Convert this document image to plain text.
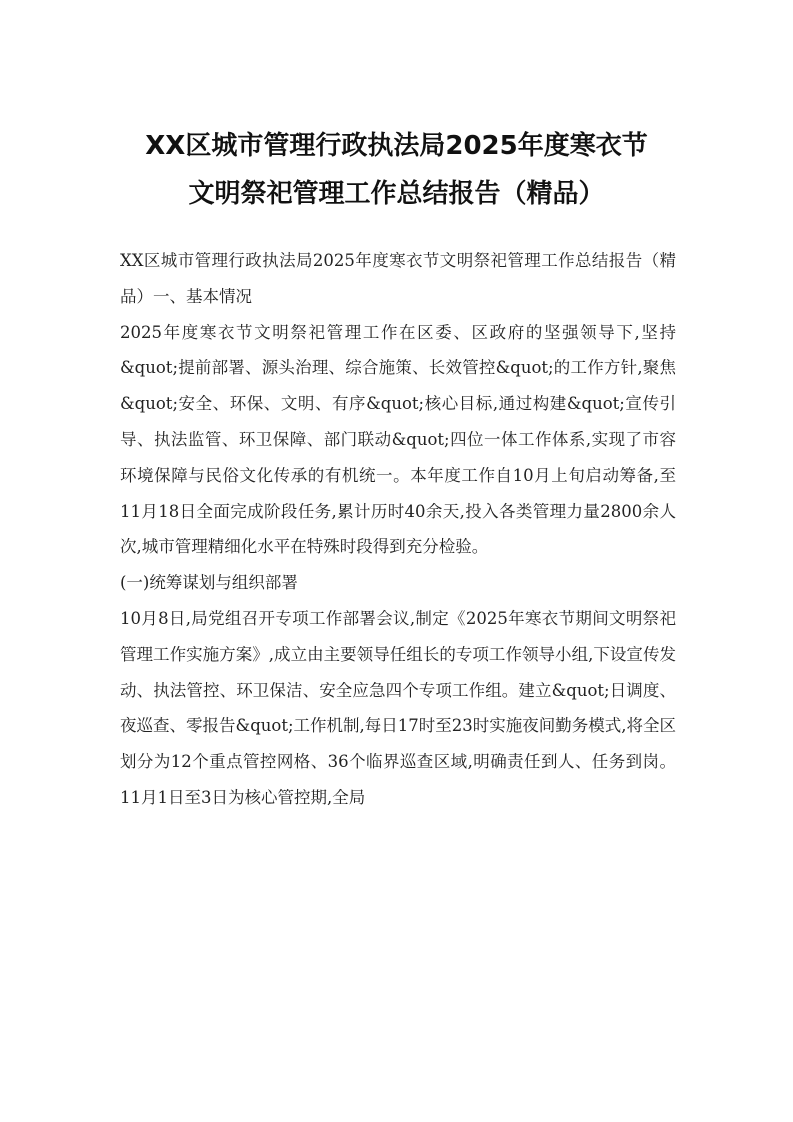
XX区城市管理行政执法局2025年度寒衣节
文明祭祀管理工作总结报告（精品）

XX区城市管理行政执法局2025年度寒衣节文明祭祀管理工作总结报告（精品）一、基本情况

2025年度寒衣节文明祭祀管理工作在区委、区政府的坚强领导下,坚持&quot;提前部署、源头治理、综合施策、长效管控&quot;的工作方针,聚焦&quot;安全、环保、文明、有序&quot;核心目标,通过构建&quot;宣传引导、执法监管、环卫保障、部门联动&quot;四位一体工作体系,实现了市容环境保障与民俗文化传承的有机统一。本年度工作自10月上旬启动筹备,至11月18日全面完成阶段任务,累计历时40余天,投入各类管理力量2800余人次,城市管理精细化水平在特殊时段得到充分检验。

(一)统筹谋划与组织部署

10月8日,局党组召开专项工作部署会议,制定《2025年寒衣节期间文明祭祀管理工作实施方案》,成立由主要领导任组长的专项工作领导小组,下设宣传发动、执法管控、环卫保洁、安全应急四个专项工作组。建立&quot;日调度、夜巡查、零报告&quot;工作机制,每日17时至23时实施夜间勤务模式,将全区划分为12个重点管控网格、36个临界巡查区域,明确责任到人、任务到岗。11月1日至3日为核心管控期,全局
